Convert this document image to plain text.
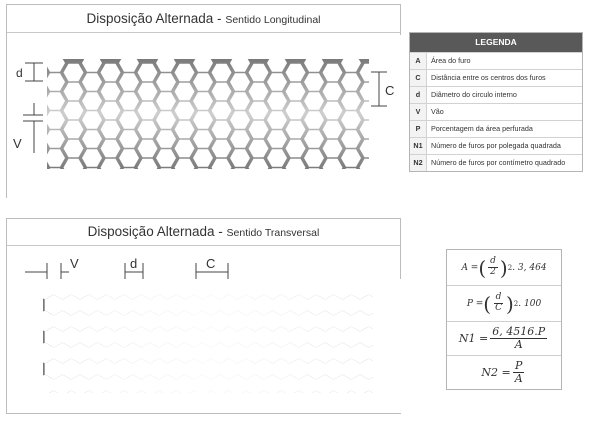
Disposição Alternada - Sentido Longitudinal
d
V
C
Disposição Alternada - Sentido Transversal
V	d	C
LEGENDA
A	Área do furo
C	Distância entre os centros dos furos
d	Diâmetro do circulo interno
V	Vão
P	Porcentagem da área perfurada
N1	Número de furos por polegada quadrada
N2	Número de furos por contímetro quadrado
A = ( $\frac{d}{2}$ ) 2 . 3, 464
P = ( $\frac{d}{C}$ ) 2 . 100
$N1 = \frac{6, 4516.P}{A}$
$N2 = \frac{P}{A}$
